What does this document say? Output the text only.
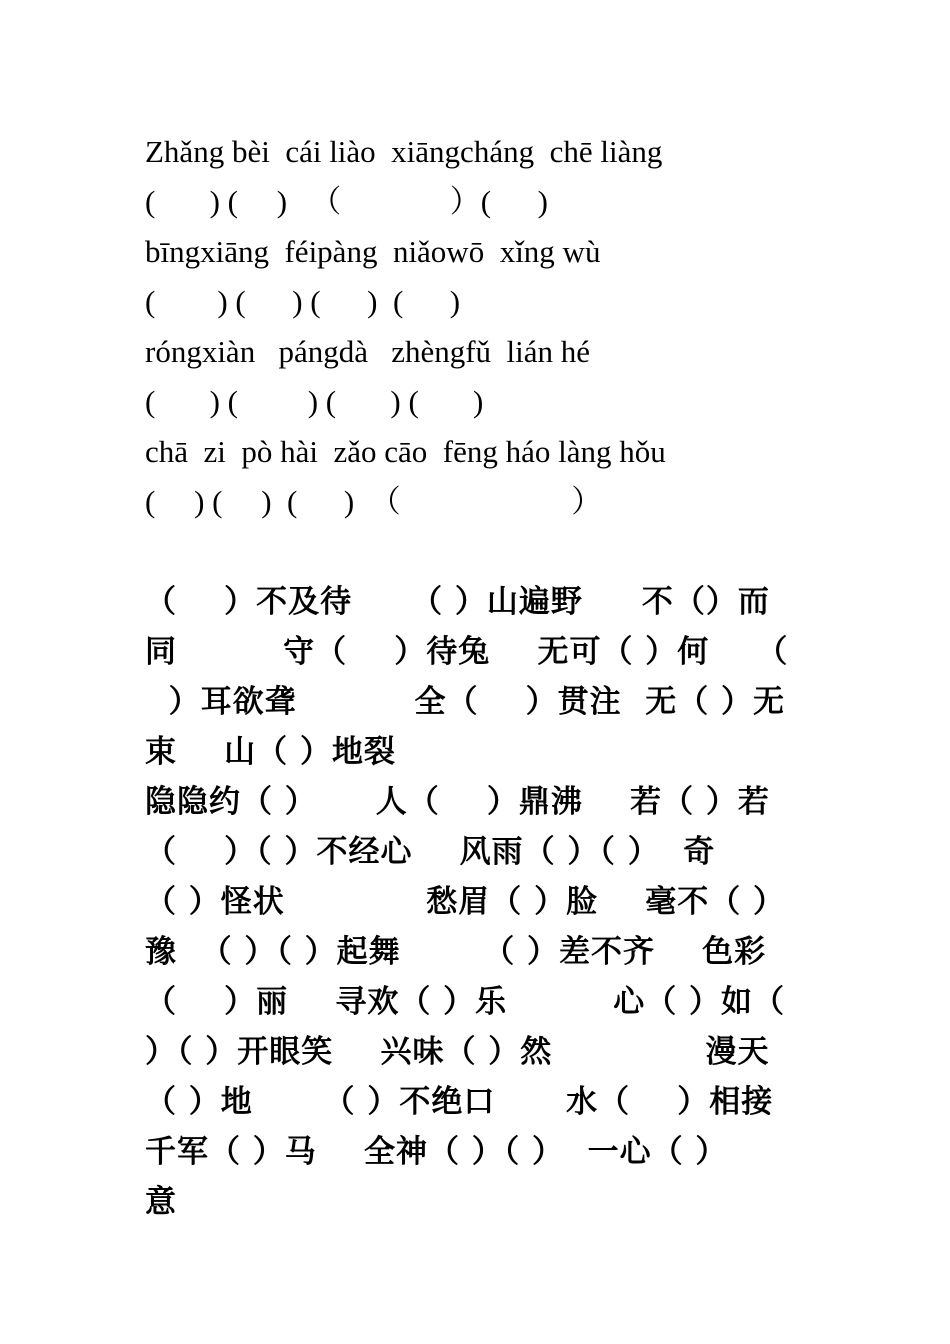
Zhǎng bèi  cái liào  xiāngcháng  chē liàng
(       ) (     )   （              ）(      )
bīngxiāng  féipàng  niǎowō  xǐng wù
(        ) (      ) (      )  (      )
róngxiàn   pángdà   zhèngfǔ  lián hé
(       ) (         ) (       ) (       )
chā  zi  pò hài  zǎo cāo  fēng háo làng hǒu
(     ) (     )  (      )  （                      ）
（    ）不及待     （ ）山遍野     不（）而
同         守（    ）待兔    无可（ ）何    （
）耳欲聋          全（    ）贯注  无（ ）无
束    山（ ）地裂
隐隐约（ ）     人（    ）鼎沸    若（ ）若
（    ）（ ）不经心    风雨（ ）（ ）  奇
（ ）怪状            愁眉（ ）脸    毫不（ ）
豫  （ ）（ ）起舞       （ ）差不齐    色彩
（    ）丽    寻欢（ ）乐         心（ ）如（
）（ ）开眼笑    兴味（ ）然             漫天
（ ）地      （ ）不绝口      水（    ）相接
千军（ ）马    全神（ ）（ ）  一心（ ）
意
